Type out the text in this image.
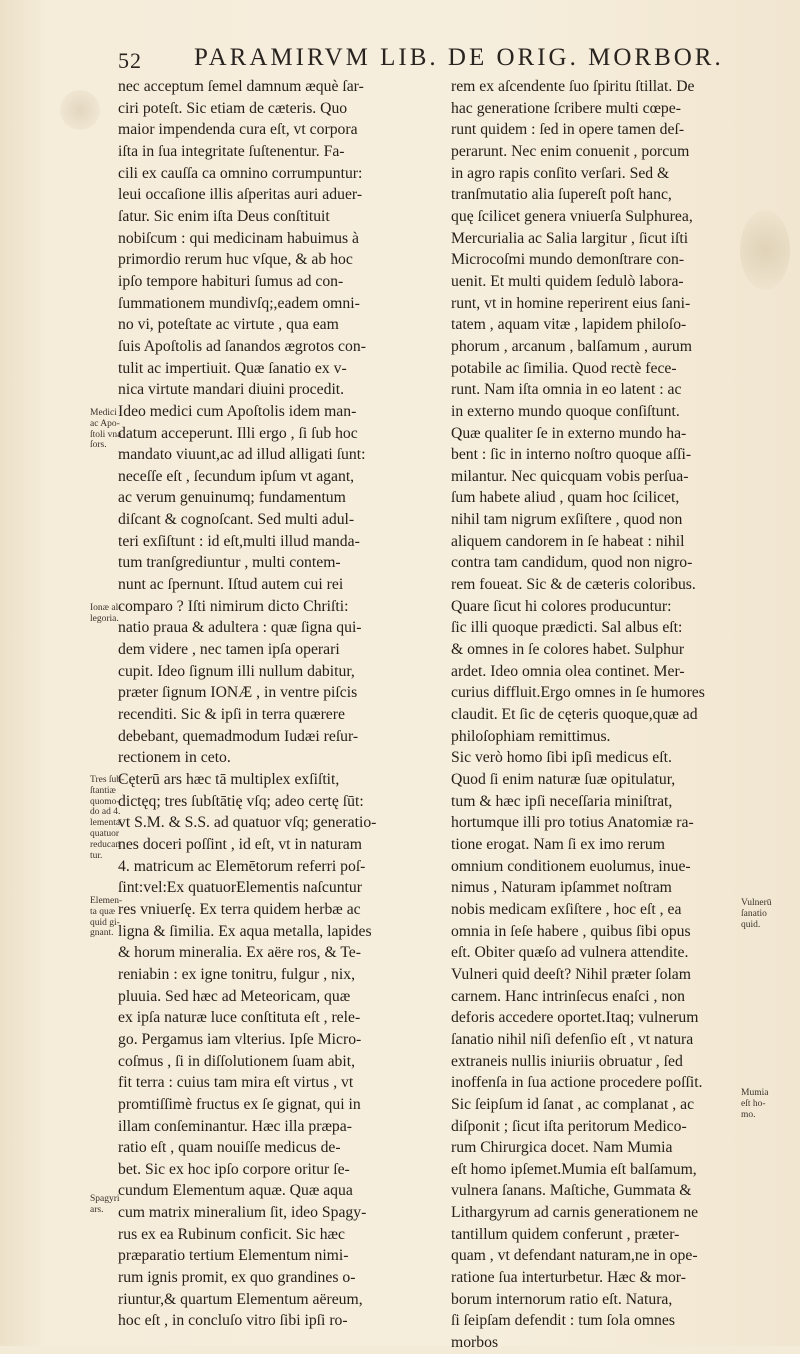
52 PARAMIRVM LIB. DE ORIG. MORBOR.
nec acceptum ſemel damnum æquè ſar-
ciri poteſt. Sic etiam de cæteris. Quo
maior impendenda cura eſt, vt corpora
iſta in ſua integritate ſuſtenentur. Fa-
cili ex cauſſa ca omnino corrumpuntur:
leui occaſione illis aſperitas auri aduer-
ſatur. Sic enim iſta Deus conſtituit
nobiſcum : qui medicinam habuimus à
primordio rerum huc vſque, & ab hoc
ipſo tempore habituri ſumus ad con-
ſummationem mundivſq;,eadem omni-
no vi, poteſtate ac virtute , qua eam
ſuis Apoſtolis ad ſanandos ægrotos con-
tulit ac impertiuit. Quæ ſanatio ex v-
nica virtute mandari diuini procedit.
Ideo medici cum Apoſtolis idem man-
datum acceperunt. Illi ergo , ſi ſub hoc
mandato viuunt,ac ad illud alligati ſunt:
neceſſe eſt , ſecundum ipſum vt agant,
ac verum genuinumq; fundamentum
diſcant & cognoſcant. Sed multi adul-
teri exſiſtunt : id eſt,multi illud manda-
tum tranſgrediuntur , multi contem-
nunt ac ſpernunt. Iſtud autem cui rei
comparo ? Iſti nimirum dicto Chriſti:
natio praua & adultera : quæ ſigna qui-
dem videre , nec tamen ipſa operari
cupit. Ideo ſignum illi nullum dabitur,
præter ſignum IONÆ , in ventre piſcis
recenditi. Sic & ipſi in terra quærere
debebant, quemadmodum Iudæi reſur-
rectionem in ceto.
Cęterū ars hæc tā multiplex exſiſtit,
dictęq; tres ſubſtātię vſq; adeo certę ſūt:
vt S.M. & S.S. ad quatuor vſq; generatio-
nes doceri poſſint , id eſt, vt in naturam
4. matricum ac Elemētorum referri poſ-
ſint:vel:Ex quatuorElementis naſcuntur
res vniuerſę. Ex terra quidem herbæ ac
ligna & ſimilia. Ex aqua metalla, lapides
& horum mineralia. Ex aëre ros, & Te-
reniabin : ex igne tonitru, fulgur , nix,
pluuia. Sed hæc ad Meteoricam, quæ
ex ipſa naturæ luce conſtituta eſt , rele-
go. Pergamus iam vlterius. Ipſe Micro-
coſmus , ſi in diſſolutionem ſuam abit,
fit terra : cuius tam mira eſt virtus , vt
promtiſſimè fructus ex ſe gignat, qui in
illam conſeminantur. Hæc illa præpa-
ratio eſt , quam nouiſſe medicus de-
bet. Sic ex hoc ipſo corpore oritur ſe-
cundum Elementum aquæ. Quæ aqua
cum matrix mineralium ſit, ideo Spagy-
rus ex ea Rubinum conficit. Sic hæc
præparatio tertium Elementum nimi-
rum ignis promit, ex quo grandines o-
riuntur,& quartum Elementum aëreum,
hoc eſt , in concluſo vitro ſibi ipſi ro-
rem ex aſcendente ſuo ſpiritu ſtillat. De
hac generatione ſcribere multi cœpe-
runt quidem : ſed in opere tamen deſ-
perarunt. Nec enim conuenit , porcum
in agro rapis conſito verſari. Sed &
tranſmutatio alia ſupereſt poſt hanc,
quę ſcilicet genera vniuerſa Sulphurea,
Mercurialia ac Salia largitur , ſicut iſti
Microcoſmi mundo demonſtrare con-
uenit. Et multi quidem ſedulò labora-
runt, vt in homine reperirent eius ſani-
tatem , aquam vitæ , lapidem philoſo-
phorum , arcanum , balſamum , aurum
potabile ac ſimilia. Quod rectè fece-
runt. Nam iſta omnia in eo latent : ac
in externo mundo quoque conſiſtunt.
Quæ qualiter ſe in externo mundo ha-
bent : ſic in interno noſtro quoque aſſi-
milantur. Nec quicquam vobis perſua-
ſum habete aliud , quam hoc ſcilicet,
nihil tam nigrum exſiſtere , quod non
aliquem candorem in ſe habeat : nihil
contra tam candidum, quod non nigro-
rem foueat. Sic & de cæteris coloribus.
Quare ſicut hi colores producuntur:
ſic illi quoque prædicti. Sal albus eſt:
& omnes in ſe colores habet. Sulphur
ardet. Ideo omnia olea continet. Mer-
curius diffluit.Ergo omnes in ſe humores
claudit. Et ſic de cęteris quoque,quæ ad
philoſophiam remittimus.
Sic verò homo ſibi ipſi medicus eſt.
Quod ſi enim naturæ ſuæ opitulatur,
tum & hæc ipſi neceſſaria miniſtrat,
hortumque illi pro totius Anatomiæ ra-
tione erogat. Nam ſi ex imo rerum
omnium conditionem euolumus, inue-
nimus , Naturam ipſammet noſtram
nobis medicam exſiſtere , hoc eſt , ea
omnia in ſeſe habere , quibus ſibi opus
eſt. Obiter quæſo ad vulnera attendite.
Vulneri quid deeſt? Nihil præter ſolam
carnem. Hanc intrinſecus enaſci , non
deforis accedere oportet.Itaq; vulnerum
ſanatio nihil niſi defenſio eſt , vt natura
extraneis nullis iniuriis obruatur , ſed
inoffenſa in ſua actione procedere poſſit.
Sic ſeipſum id ſanat , ac complanat , ac
diſponit ; ſicut iſta peritorum Medico-
rum Chirurgica docet. Nam Mumia
eſt homo ipſemet.Mumia eſt balſamum,
vulnera ſanans. Maſtiche, Gummata &
Lithargyrum ad carnis generationem ne
tantillum quidem conferunt , præter-
quam , vt defendant naturam,ne in ope-
ratione ſua interturbetur. Hæc & mor-
borum internorum ratio eſt. Natura,
ſi ſeipſam defendit : tum ſola omnes
morbos
Medici
ac Apo-
ſtoli vna
ſors.
Ionæ al-
legoria.
Tres ſub-
ſtantiæ
quomo-
do ad 4.
lementa
quatuor
reducan
tur.
Elemen-
ta quæ
quid gi-
gnant.
Spagyri
ars.
Vulnerū
ſanatio
quid.
Mumia
eſt ho-
mo.
